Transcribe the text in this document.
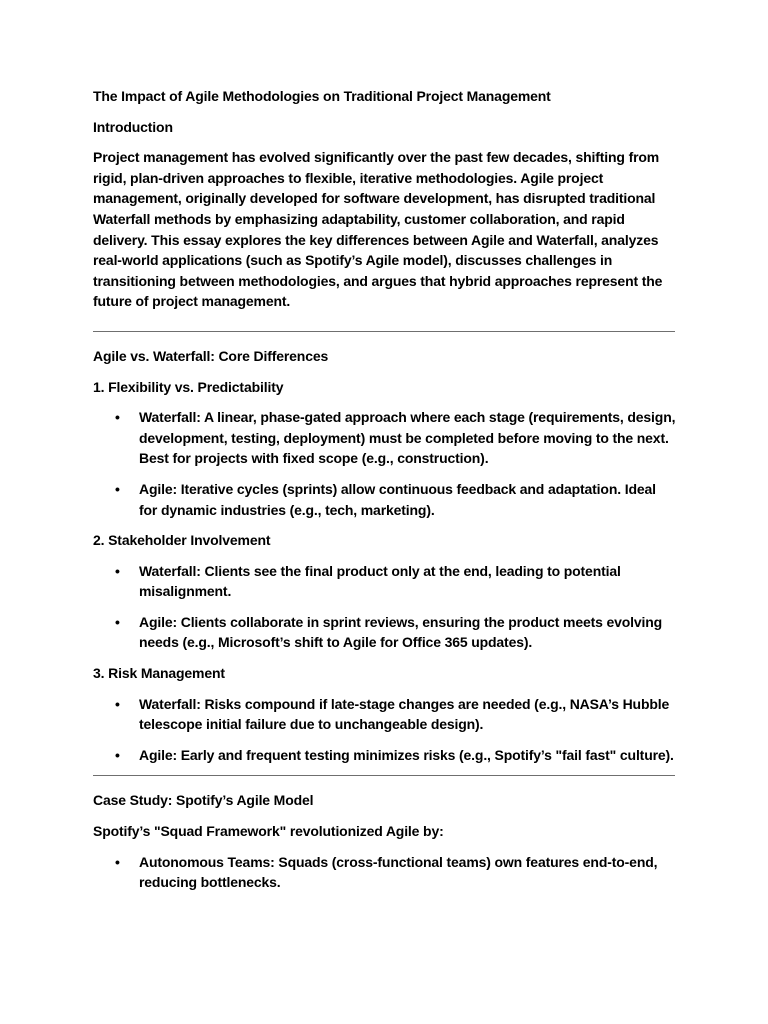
The Impact of Agile Methodologies on Traditional Project Management

Introduction

Project management has evolved significantly over the past few decades, shifting from rigid, plan-driven approaches to flexible, iterative methodologies. Agile project management, originally developed for software development, has disrupted traditional Waterfall methods by emphasizing adaptability, customer collaboration, and rapid delivery. This essay explores the key differences between Agile and Waterfall, analyzes real-world applications (such as Spotify’s Agile model), discusses challenges in transitioning between methodologies, and argues that hybrid approaches represent the future of project management.

Agile vs. Waterfall: Core Differences

1. Flexibility vs. Predictability

• Waterfall: A linear, phase-gated approach where each stage (requirements, design, development, testing, deployment) must be completed before moving to the next. Best for projects with fixed scope (e.g., construction).
• Agile: Iterative cycles (sprints) allow continuous feedback and adaptation. Ideal for dynamic industries (e.g., tech, marketing).

2. Stakeholder Involvement

• Waterfall: Clients see the final product only at the end, leading to potential misalignment.
• Agile: Clients collaborate in sprint reviews, ensuring the product meets evolving needs (e.g., Microsoft’s shift to Agile for Office 365 updates).

3. Risk Management

• Waterfall: Risks compound if late-stage changes are needed (e.g., NASA’s Hubble telescope initial failure due to unchangeable design).
• Agile: Early and frequent testing minimizes risks (e.g., Spotify’s "fail fast" culture).

Case Study: Spotify’s Agile Model

Spotify’s "Squad Framework" revolutionized Agile by:

• Autonomous Teams: Squads (cross-functional teams) own features end-to-end, reducing bottlenecks.
